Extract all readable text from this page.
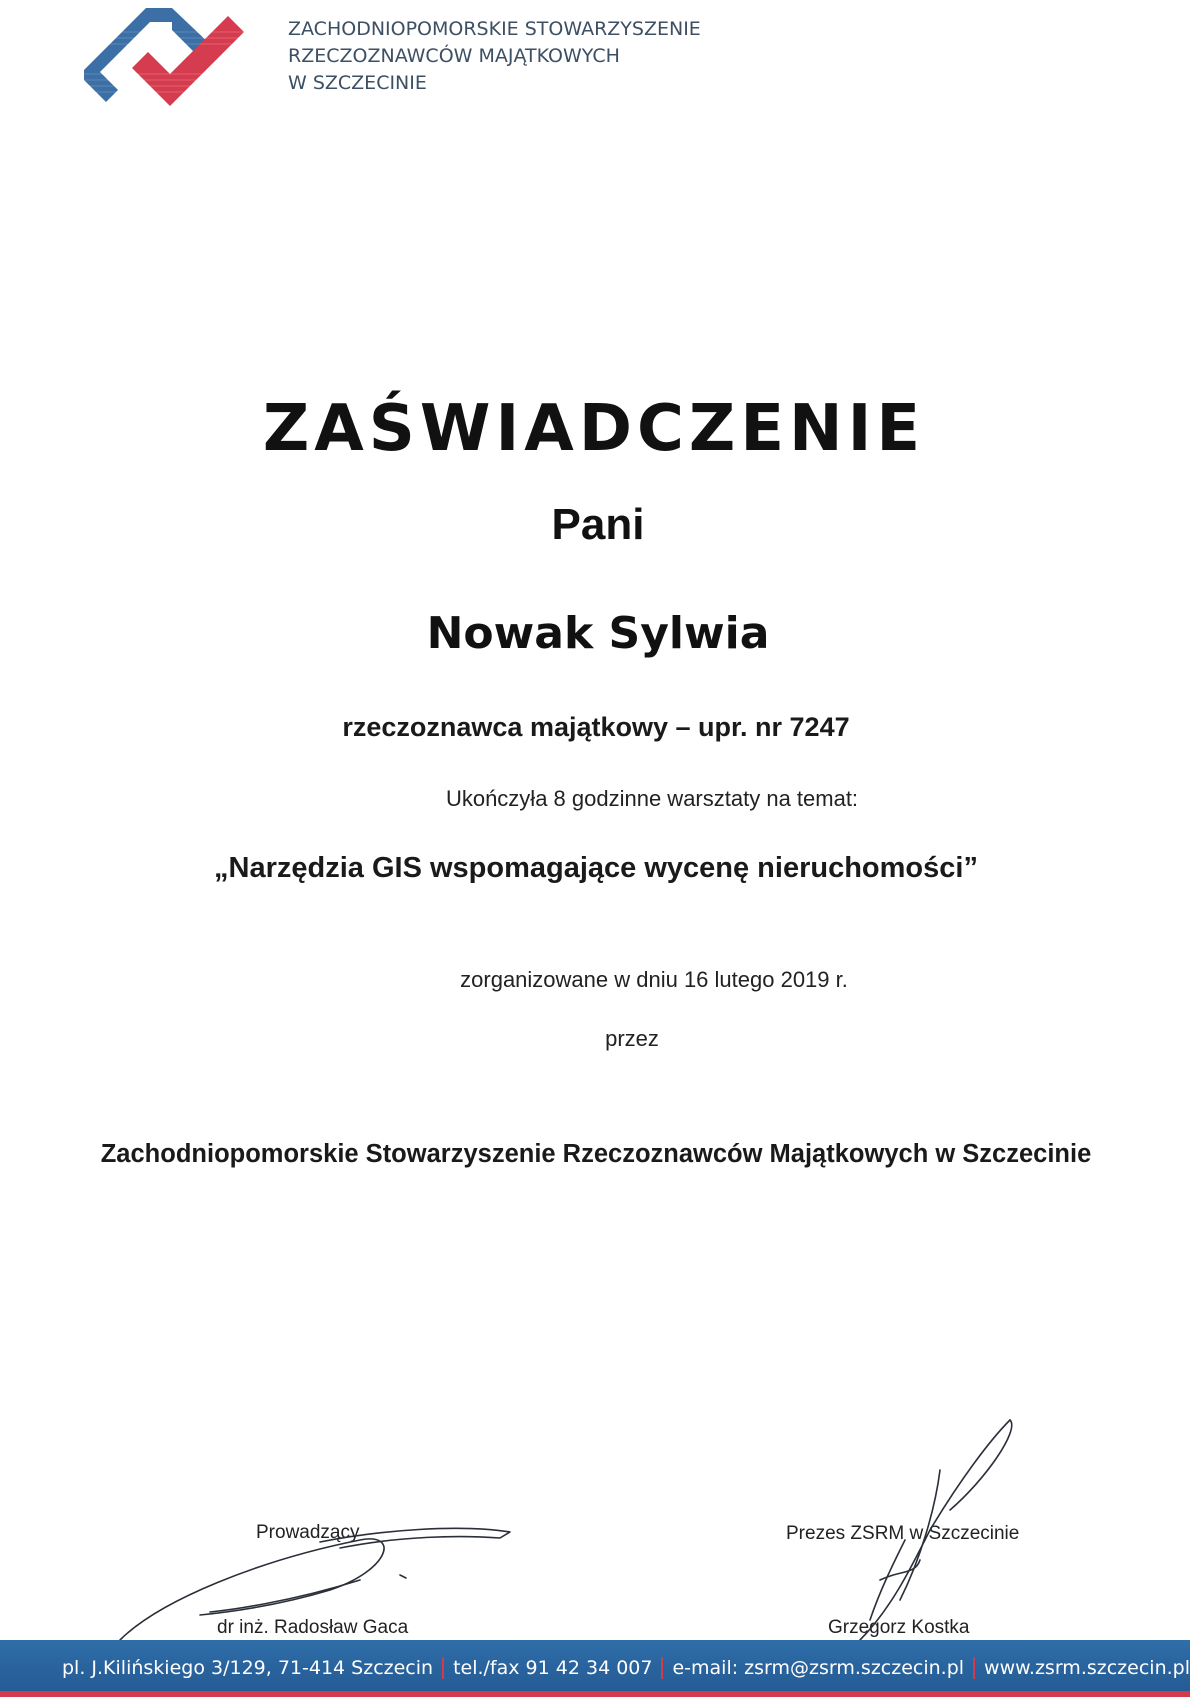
ZACHODNIOPOMORSKIE STOWARZYSZENIE
RZECZOZNAWCÓW MAJĄTKOWYCH
W SZCZECINIE
ZAŚWIADCZENIE
Pani
Nowak Sylwia
rzeczoznawca majątkowy – upr. nr 7247
Ukończyła 8 godzinne warsztaty na temat:
„Narzędzia GIS wspomagające wycenę nieruchomości”
zorganizowane w dniu 16 lutego 2019 r.
przez
Zachodniopomorskie Stowarzyszenie Rzeczoznawców Majątkowych w Szczecinie
Prowadzący
dr inż. Radosław Gaca
Prezes ZSRM w Szczecinie
Grzegorz Kostka
pl. J.Kilińskiego 3/129, 71-414 Szczecin tel./fax 91 42 34 007 e-mail: zsrm@zsrm.szczecin.pl www.zsrm.szczecin.pl
